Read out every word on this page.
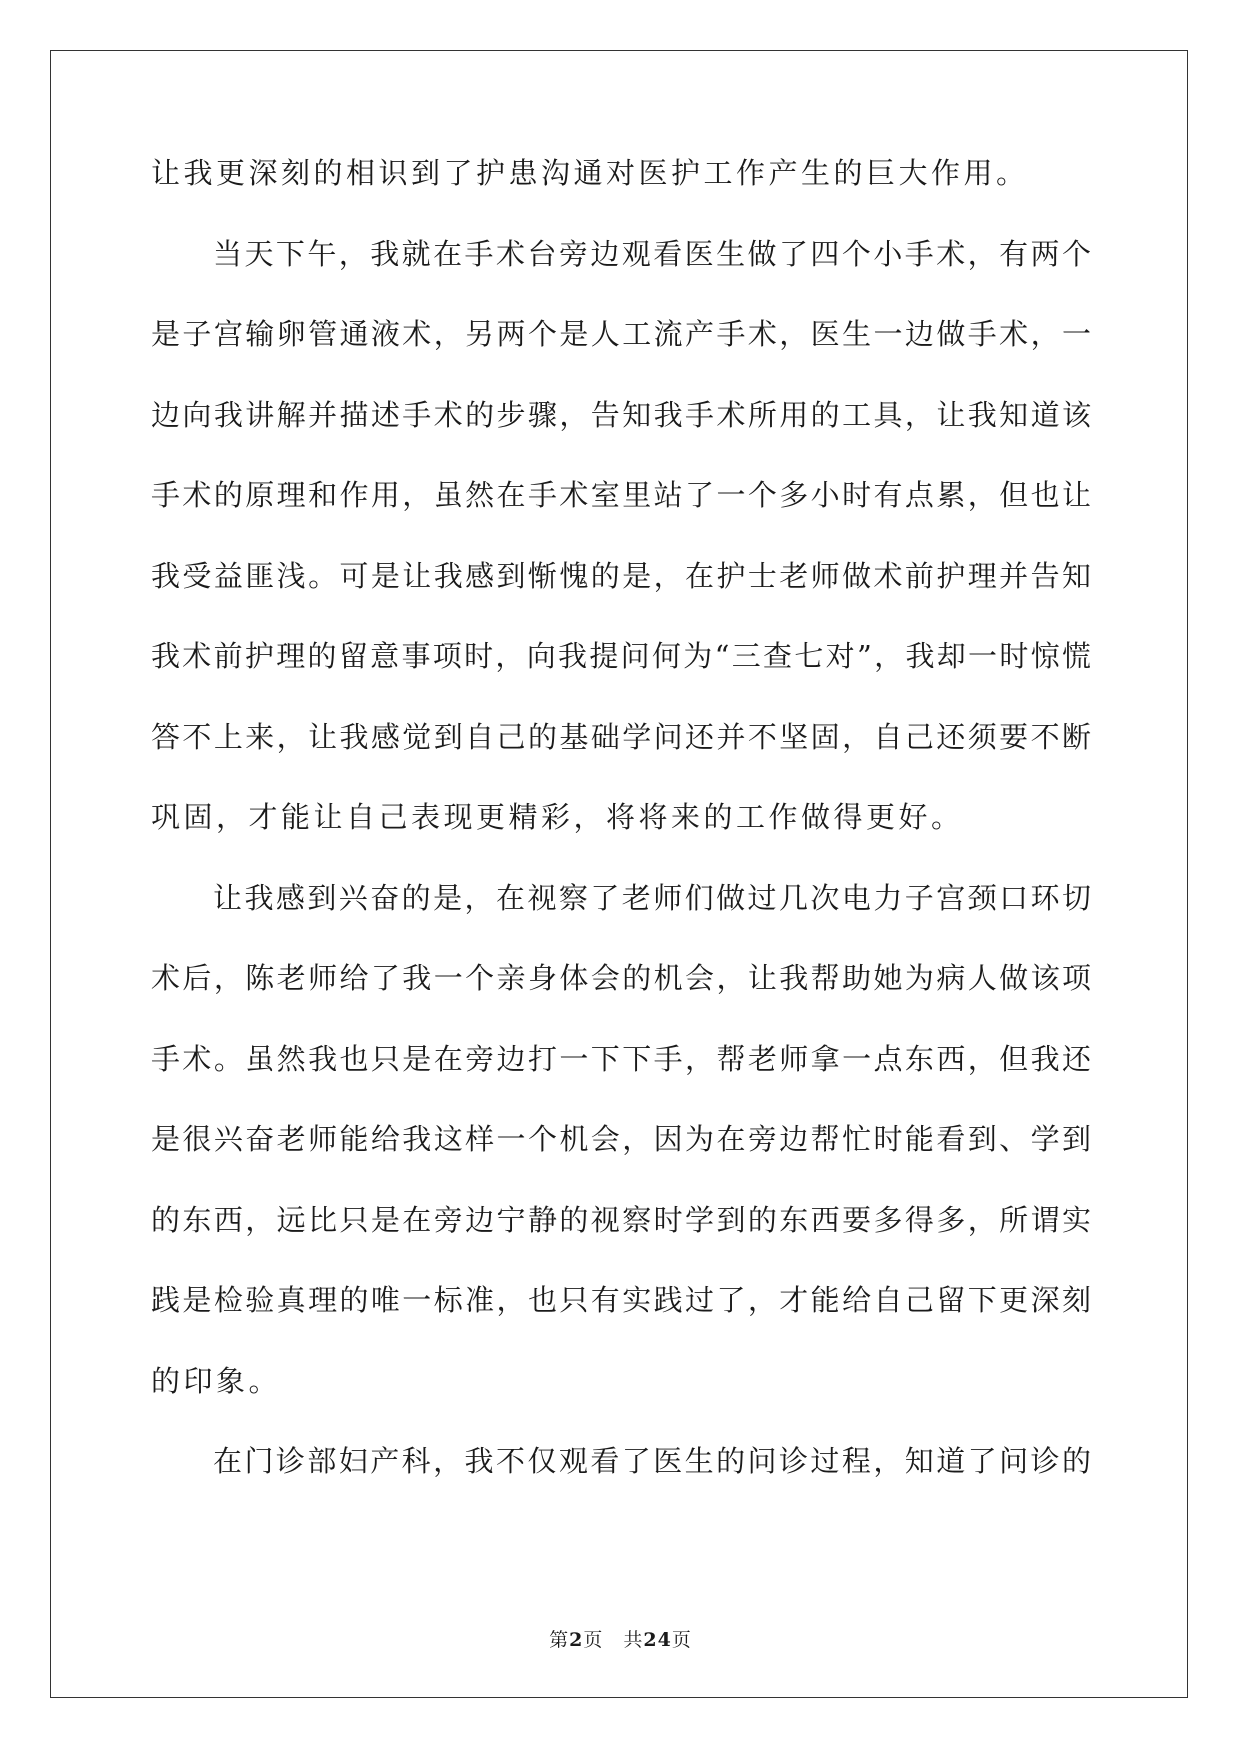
让我更深刻的相识到了护患沟通对医护工作产生的巨大作用。
当天下午，我就在手术台旁边观看医生做了四个小手术，有两个
是子宫输卵管通液术，另两个是人工流产手术，医生一边做手术，一
边向我讲解并描述手术的步骤，告知我手术所用的工具，让我知道该
手术的原理和作用，虽然在手术室里站了一个多小时有点累，但也让
我受益匪浅。可是让我感到惭愧的是，在护士老师做术前护理并告知
我术前护理的留意事项时，向我提问何为“三查七对”，我却一时惊慌
答不上来，让我感觉到自己的基础学问还并不坚固，自己还须要不断
巩固，才能让自己表现更精彩，将将来的工作做得更好。
让我感到兴奋的是，在视察了老师们做过几次电力子宫颈口环切
术后，陈老师给了我一个亲身体会的机会，让我帮助她为病人做该项
手术。虽然我也只是在旁边打一下下手，帮老师拿一点东西，但我还
是很兴奋老师能给我这样一个机会，因为在旁边帮忙时能看到、学到
的东西，远比只是在旁边宁静的视察时学到的东西要多得多，所谓实
践是检验真理的唯一标准，也只有实践过了，才能给自己留下更深刻
的印象。
在门诊部妇产科，我不仅观看了医生的问诊过程，知道了问诊的
第2页　共24页
